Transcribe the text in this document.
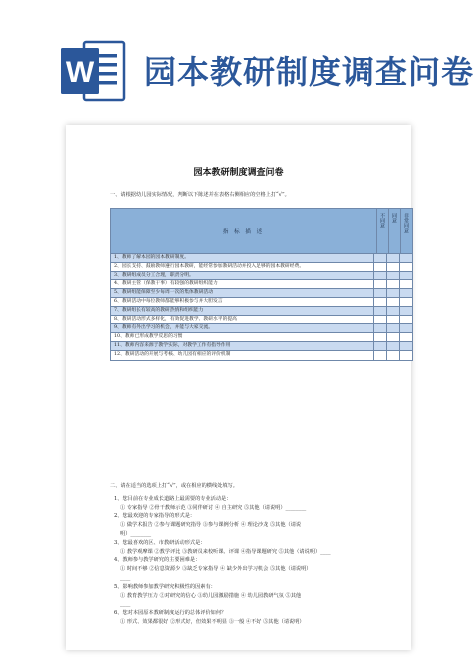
W 园本教研制度调查问卷
园本教研制度调查问卷
一、请根据幼儿园实际情况，判断以下陈述并在表格右侧相应的空格上打“√”。
指 标 描 述
不同意 同意 非常同意
1、教师了解本园的园本教研制度。
2、园长支持、鼓励教师遵行园本教研，能经常参加教研活动并投入足够的园本教研经费。
3、教研组成员分工合理，职责分明。
4、教研主管（保教干事）有较强的教研组织能力
5、教研组能保障至少每周一次的集体教研活动
6、教研活动中每位教师都能够积极参与并大胆发言
7、教研组长有较高的教研热情和组织能力
8、教研活动形式多样化，有效促进教学、教研水平的提高
9、教师有外出学习的机会，并能与大家交流。
10、教师已形成教学反思的习惯
11、教师内容来源于教学实际，对教学工作有指导作用
12、教研活动的开展与考核、幼儿园有相应的评价机制

二、请在适当的选项上打“√”，或在相应的横线处填写。

1、您目前在专业成长道路上最需要的专业活动是：

① 专家指导 ②骨干教师示范 ③同伴研讨 ④ 自主研究 ⑤其他（请说明）________

2、您最欢迎的专家指导的形式是：

① 做学术报告 ②参与课题研究指导 ③参与课例分析 ④ 理论沙龙 ⑤其他（请说

明）________

3、您最喜欢的区、市教研活动形式是：

① 教学观摩课 ②教学评比 ③教研员来校听课、评课 ④指导课题研究 ⑤其他（请说明）____

4、教师参与教学研究的主要困难是：

① 时间不够 ②信息资源少 ③缺乏专家指导 ④ 缺少外出学习机会 ⑤其他（请说明）

____

5、影响教师参加教学研究积极性的因素有：

① 教育教学压力 ②对研究的信心 ③幼儿园激励措施 ④ 幼儿园教研气氛 ⑤其他

____

6、您对本园原本教研制度运行的总体评价如何？

① 形式、效果都很好 ②形式好，但效果不明显 ③一般 ④不好 ⑤其他（请说明）
